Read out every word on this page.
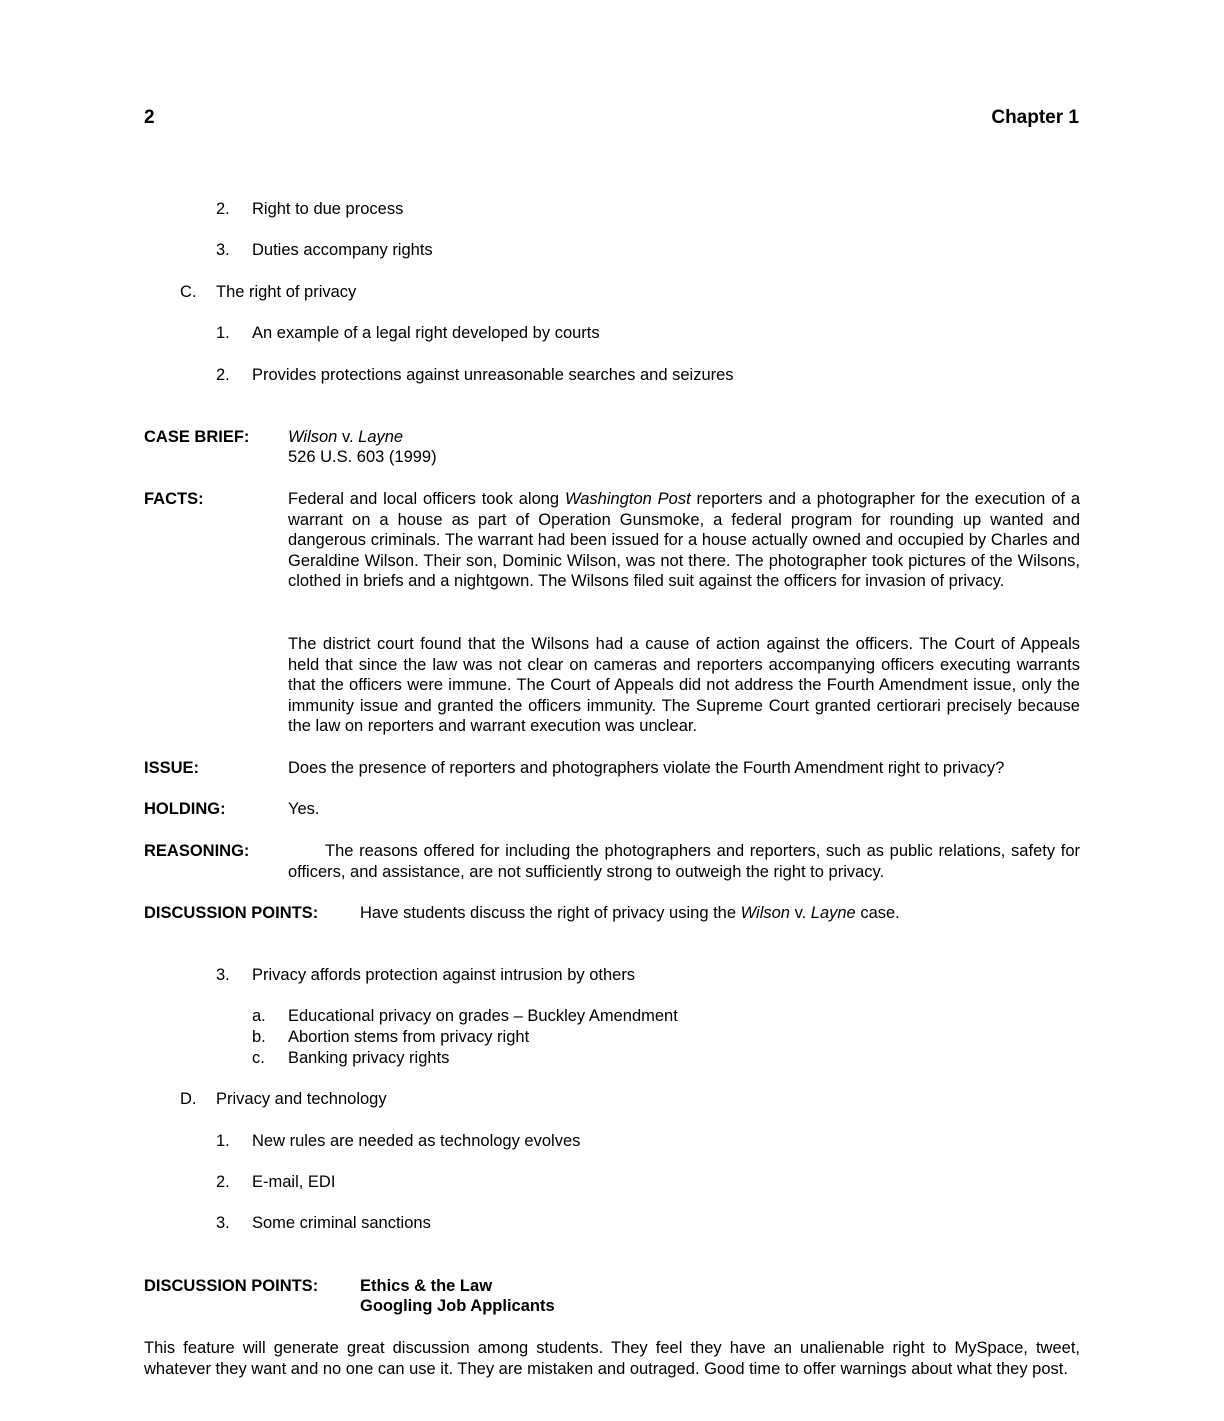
2	Chapter 1
2. Right to due process
3. Duties accompany rights
C. The right of privacy
1. An example of a legal right developed by courts
2. Provides protections against unreasonable searches and seizures
CASE BRIEF: Wilson v. Layne
526 U.S. 603 (1999)
FACTS:	Federal and local officers took along Washington Post reporters and a photographer for the execution of a warrant on a house as part of Operation Gunsmoke, a federal program for rounding up wanted and dangerous criminals. The warrant had been issued for a house actually owned and occupied by Charles and Geraldine Wilson. Their son, Dominic Wilson, was not there. The photographer took pictures of the Wilsons, clothed in briefs and a nightgown. The Wilsons filed suit against the officers for invasion of privacy.
The district court found that the Wilsons had a cause of action against the officers. The Court of Appeals held that since the law was not clear on cameras and reporters accompanying officers executing warrants that the officers were immune. The Court of Appeals did not address the Fourth Amendment issue, only the immunity issue and granted the officers immunity. The Supreme Court granted certiorari precisely because the law on reporters and warrant execution was unclear.
ISSUE:	Does the presence of reporters and photographers violate the Fourth Amendment right to privacy?
HOLDING:	Yes.
REASONING:	The reasons offered for including the photographers and reporters, such as public relations, safety for officers, and assistance, are not sufficiently strong to outweigh the right to privacy.
DISCUSSION POINTS:	Have students discuss the right of privacy using the Wilson v. Layne case.
3. Privacy affords protection against intrusion by others
a. Educational privacy on grades – Buckley Amendment
b. Abortion stems from privacy right
c. Banking privacy rights
D. Privacy and technology
1. New rules are needed as technology evolves
2. E-mail, EDI
3. Some criminal sanctions
DISCUSSION POINTS:	Ethics & the Law
Googling Job Applicants
This feature will generate great discussion among students. They feel they have an unalienable right to MySpace, tweet, whatever they want and no one can use it. They are mistaken and outraged. Good time to offer warnings about what they post.
